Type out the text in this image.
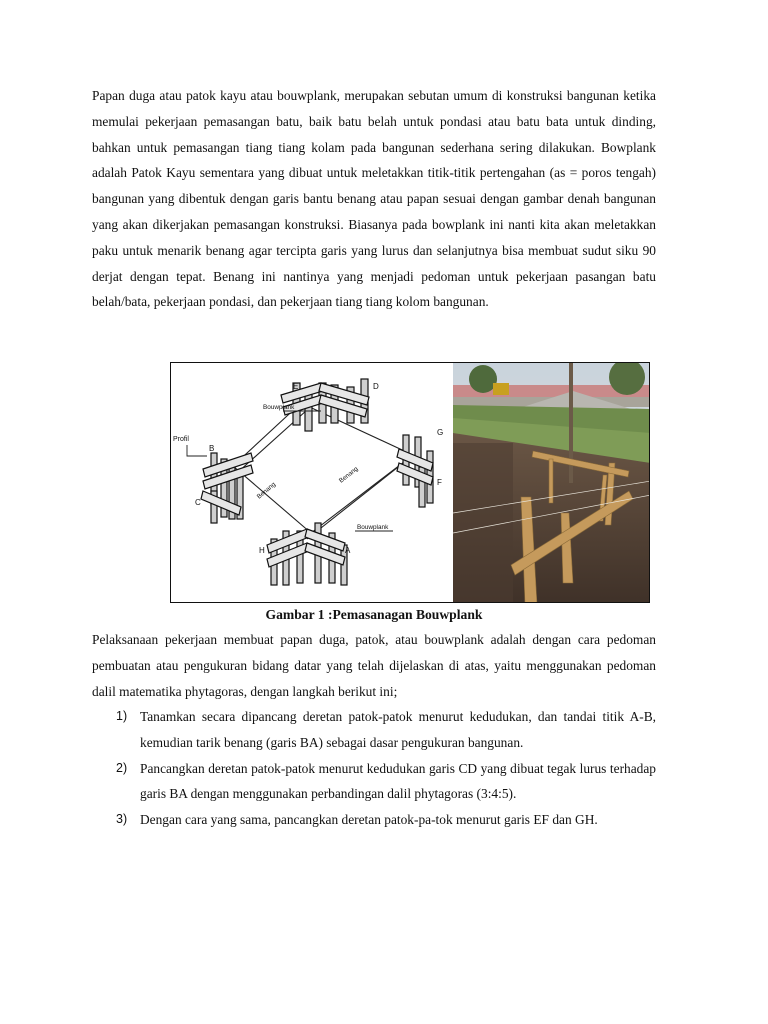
Papan duga atau patok kayu atau bouwplank, merupakan sebutan umum di konstruksi bangunan ketika memulai pekerjaan pemasangan batu, baik batu belah untuk pondasi atau batu bata untuk dinding, bahkan untuk pemasangan tiang tiang kolam pada bangunan sederhana sering dilakukan. Bowplank adalah Patok Kayu sementara yang dibuat untuk meletakkan titik-titik pertengahan (as = poros tengah) bangunan yang dibentuk dengan garis bantu benang atau papan sesuai dengan gambar denah bangunan yang akan dikerjakan pemasangan konstruksi. Biasanya pada bowplank ini nanti kita akan meletakkan paku untuk menarik benang agar tercipta garis yang lurus dan selanjutnya bisa membuat sudut siku 90 derjat dengan tepat. Benang ini nantinya yang menjadi pedoman untuk pekerjaan pasangan batu belah/bata, pekerjaan pondasi, dan pekerjaan tiang tiang kolom bangunan.

E	D
G
F
B
C
H	A
Profil
Bouwplank
Bouwplank
Benang
Benang
Gambar 1 :Pemasanagan Bouwplank

Pelaksanaan pekerjaan membuat papan duga, patok, atau bouwplank adalah dengan cara pedoman pembuatan atau pengukuran bidang datar yang telah dijelaskan di atas, yaitu menggunakan pedoman dalil matematika phytagoras, dengan langkah berikut ini;

1) Tanamkan secara dipancang deretan patok-patok menurut kedudukan, dan tandai titik A-B, kemudian tarik benang (garis BA) sebagai dasar pengukuran bangunan.
2) Pancangkan deretan patok-patok menurut kedudukan garis CD yang dibuat tegak lurus terhadap garis BA dengan menggunakan perbandingan dalil phytagoras (3:4:5).
3) Dengan cara yang sama, pancangkan deretan patok-pa-tok menurut garis EF dan GH.
